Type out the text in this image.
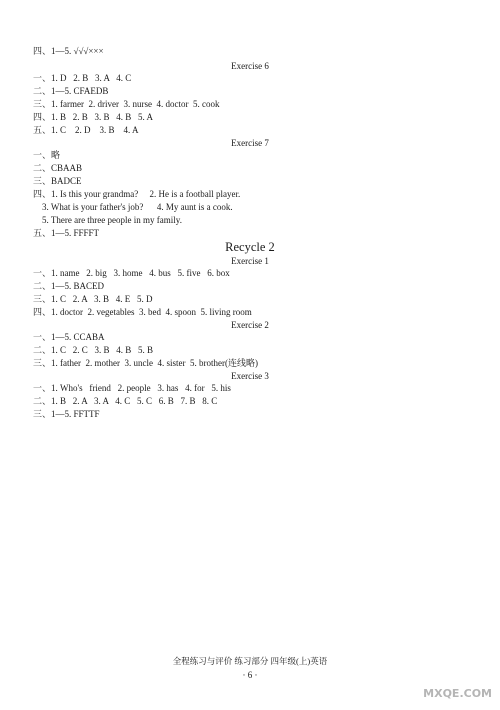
四、1—5. √√√×××
Exercise 6
一、1. D   2. B   3. A   4. C
二、1—5. CFAEDB
三、1. farmer  2. driver  3. nurse  4. doctor  5. cook
四、1. B   2. B   3. B   4. B   5. A
五、1. C    2. D    3. B    4. A
Exercise 7
一、略
二、CBAAB
三、BADCE
四、1. Is this your grandma?     2. He is a football player.
3. What is your father's job?      4. My aunt is a cook.
5. There are three people in my family.
五、1—5. FFFFT
Recycle 2
Exercise 1
一、1. name   2. big   3. home   4. bus   5. five   6. box
二、1—5. BACED
三、1. C   2. A   3. B   4. E   5. D
四、1. doctor  2. vegetables  3. bed  4. spoon  5. living room
Exercise 2
一、1—5. CCABA
二、1. C   2. C   3. B   4. B   5. B
三、1. father  2. mother  3. uncle  4. sister  5. brother(连线略)
Exercise 3
一、1. Who's   friend   2. people   3. has   4. for   5. his
二、1. B   2. A   3. A   4. C   5. C   6. B   7. B   8. C
三、1—5. FFTTF
全程练习与评价 练习部分 四年级(上)英语
· 6 ·
MXQE.COM
